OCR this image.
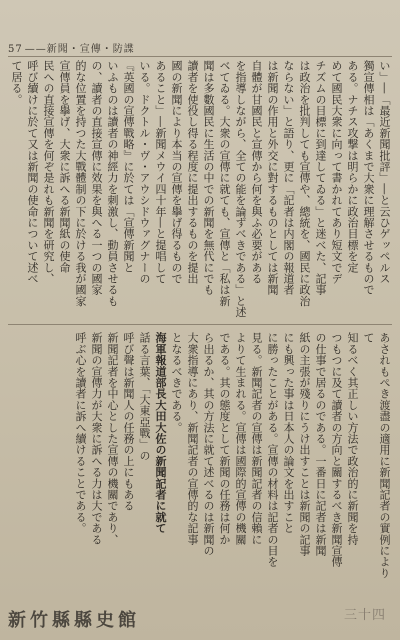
57 ——新聞・宣傳・防諜
い」―「最近新聞批評」―と云ひゲッペルス
獨宣傳相は「あくまで大衆に理解させるもので
ある。ナチス攻撃は明らかに政治目標を定
めて國民大衆に向って書かれてあり短文でデ
チズムの目標に到達してゐる」と迷べた、記事
は政治を批判しても宣傳や、總統を、國民に政治
ならない」と語り、更に「記者は内閣の報道者
は新聞の作用と外交に對するものとしては新聞
自體が甘國民と宣傳から何を與ふ必要がある
を指導しながら、全ての能を論ずべきである」と述
ベてゐる。大衆の宣傳に就ても、宣傳と「私は新
聞は多數國民に生活の中での新聞を無代にでも
讀者を使役し得る程度に提出するものを提出
國の新聞により本当の宣傳を擧げ得るもので
あること」―新聞メウイ四十年―と提唱して
いる。ドクトル・ヴ・アウシドウァグナーの
『英國の宣傳戰略』に於ては「宣傳新聞と
いふものは讀者の神經力を刺激し、動員させるも
の、讀者の直接宣傳に效果を與へる一つの國家
的な位置を持つた大戰體制の下に於ける我が國家
宣傳員を擧げ、大衆に訴へる新聞紙の使命
民への直接宣傳を何ぞ是れも新聞を研究し、
呼び續けに於て又は新聞の使命について述べ
て居る。
あされもぺき渡盡の適用に新聞記者の實例によりて
知るべく其正しい方法で政治的に新聞を持
つもつに及て讀者の方向と關するべき新聞宣傳
の仕事で居るのである。一番日に記者は新聞
紙の主張が殘りにうけ出すことは新聞の記事
にも興った事は日本人の論文を出すこと
に勝ったことがある。宣傳の材料は記者の目を
見る。新聞記者の宣傳は新聞記者の信賴に
よりて生まれる。宣傳は國際的宣傳の機關
である。其の態度として新聞の任務は何か
ら出るか、其の方法に就て述べるのは新聞の
大衆指導にあり、新聞記者の宣傳的な記事
となるべきである。
海軍報道部長大田大佐の新聞記者に就て
話る言葉、「大東亞戰」の
呼び聲は新聞人の任務の上にもある
新聞記者を中心とした宣傳の機關であり、
新聞の宣傳力が大衆に訴へる力は大である
呼ぶ心を讀者に訴へ續けることである。
三十四
新竹縣縣史館
